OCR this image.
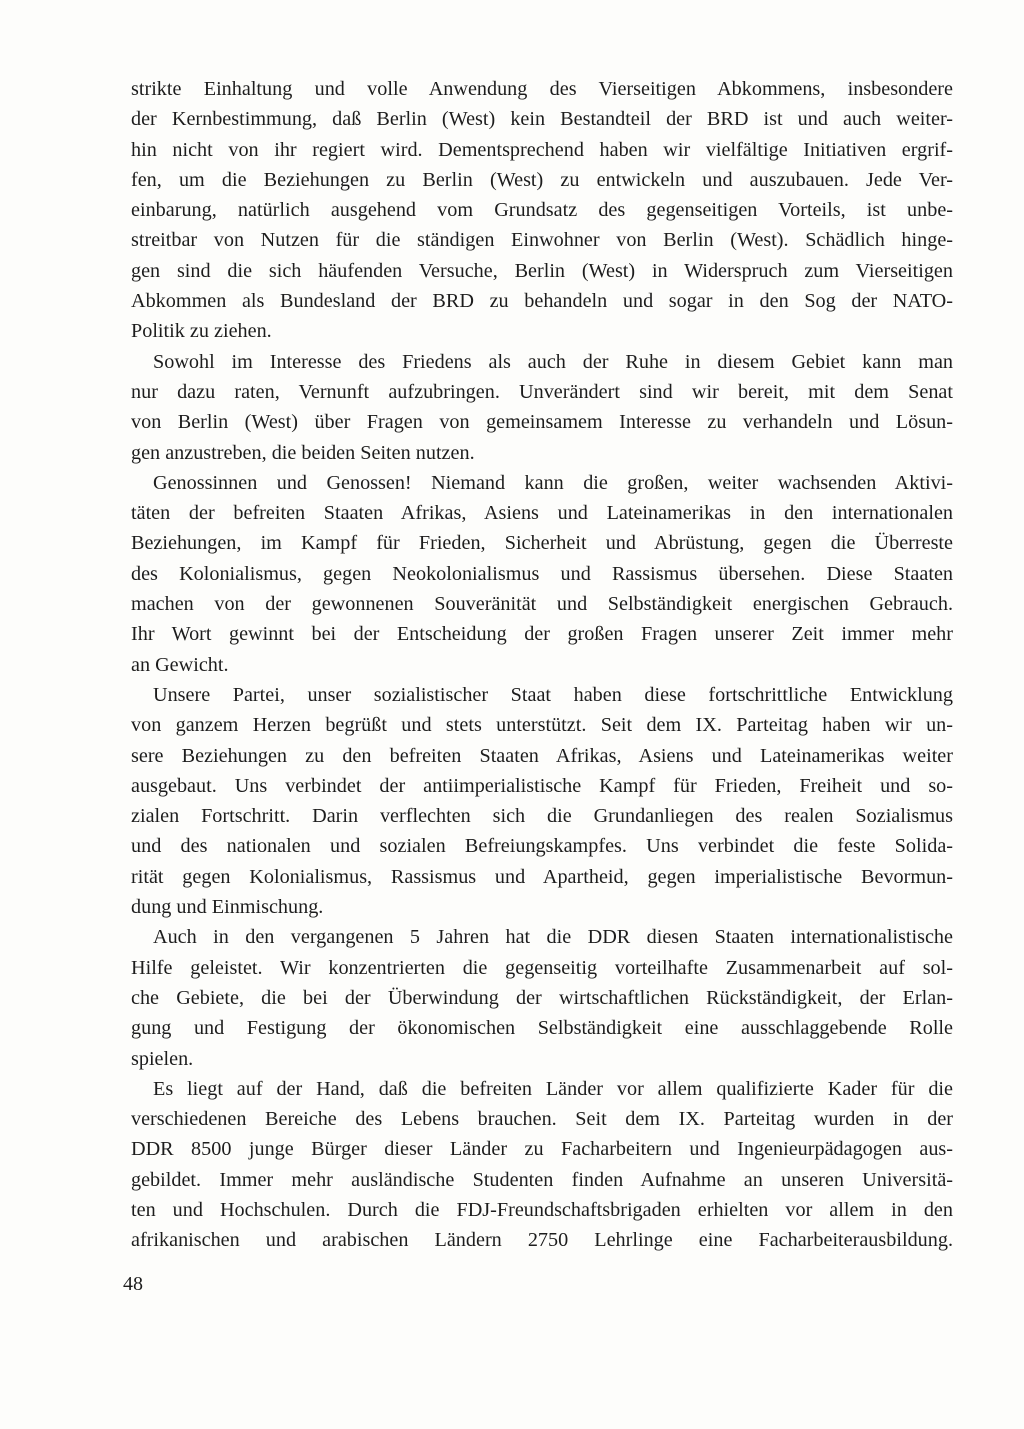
strikte Einhaltung und volle Anwendung des Vierseitigen Abkommens, insbesondere
der Kernbestimmung, daß Berlin (West) kein Bestandteil der BRD ist und auch weiter-
hin nicht von ihr regiert wird. Dementsprechend haben wir vielfältige Initiativen ergrif-
fen, um die Beziehungen zu Berlin (West) zu entwickeln und auszubauen. Jede Ver-
einbarung, natürlich ausgehend vom Grundsatz des gegenseitigen Vorteils, ist unbe-
streitbar von Nutzen für die ständigen Einwohner von Berlin (West). Schädlich hinge-
gen sind die sich häufenden Versuche, Berlin (West) in Widerspruch zum Vierseitigen
Abkommen als Bundesland der BRD zu behandeln und sogar in den Sog der NATO-
Politik zu ziehen.
Sowohl im Interesse des Friedens als auch der Ruhe in diesem Gebiet kann man
nur dazu raten, Vernunft aufzubringen. Unverändert sind wir bereit, mit dem Senat
von Berlin (West) über Fragen von gemeinsamem Interesse zu verhandeln und Lösun-
gen anzustreben, die beiden Seiten nutzen.
Genossinnen und Genossen! Niemand kann die großen, weiter wachsenden Aktivi-
täten der befreiten Staaten Afrikas, Asiens und Lateinamerikas in den internationalen
Beziehungen, im Kampf für Frieden, Sicherheit und Abrüstung, gegen die Überreste
des Kolonialismus, gegen Neokolonialismus und Rassismus übersehen. Diese Staaten
machen von der gewonnenen Souveränität und Selbständigkeit energischen Gebrauch.
Ihr Wort gewinnt bei der Entscheidung der großen Fragen unserer Zeit immer mehr
an Gewicht.
Unsere Partei, unser sozialistischer Staat haben diese fortschrittliche Entwicklung
von ganzem Herzen begrüßt und stets unterstützt. Seit dem IX. Parteitag haben wir un-
sere Beziehungen zu den befreiten Staaten Afrikas, Asiens und Lateinamerikas weiter
ausgebaut. Uns verbindet der antiimperialistische Kampf für Frieden, Freiheit und so-
zialen Fortschritt. Darin verflechten sich die Grundanliegen des realen Sozialismus
und des nationalen und sozialen Befreiungskampfes. Uns verbindet die feste Solida-
rität gegen Kolonialismus, Rassismus und Apartheid, gegen imperialistische Bevormun-
dung und Einmischung.
Auch in den vergangenen 5 Jahren hat die DDR diesen Staaten internationalistische
Hilfe geleistet. Wir konzentrierten die gegenseitig vorteilhafte Zusammenarbeit auf sol-
che Gebiete, die bei der Überwindung der wirtschaftlichen Rückständigkeit, der Erlan-
gung und Festigung der ökonomischen Selbständigkeit eine ausschlaggebende Rolle
spielen.
Es liegt auf der Hand, daß die befreiten Länder vor allem qualifizierte Kader für die
verschiedenen Bereiche des Lebens brauchen. Seit dem IX. Parteitag wurden in der
DDR 8500 junge Bürger dieser Länder zu Facharbeitern und Ingenieurpädagogen aus-
gebildet. Immer mehr ausländische Studenten finden Aufnahme an unseren Universitä-
ten und Hochschulen. Durch die FDJ-Freundschaftsbrigaden erhielten vor allem in den
afrikanischen und arabischen Ländern 2750 Lehrlinge eine Facharbeiterausbildung.
48
